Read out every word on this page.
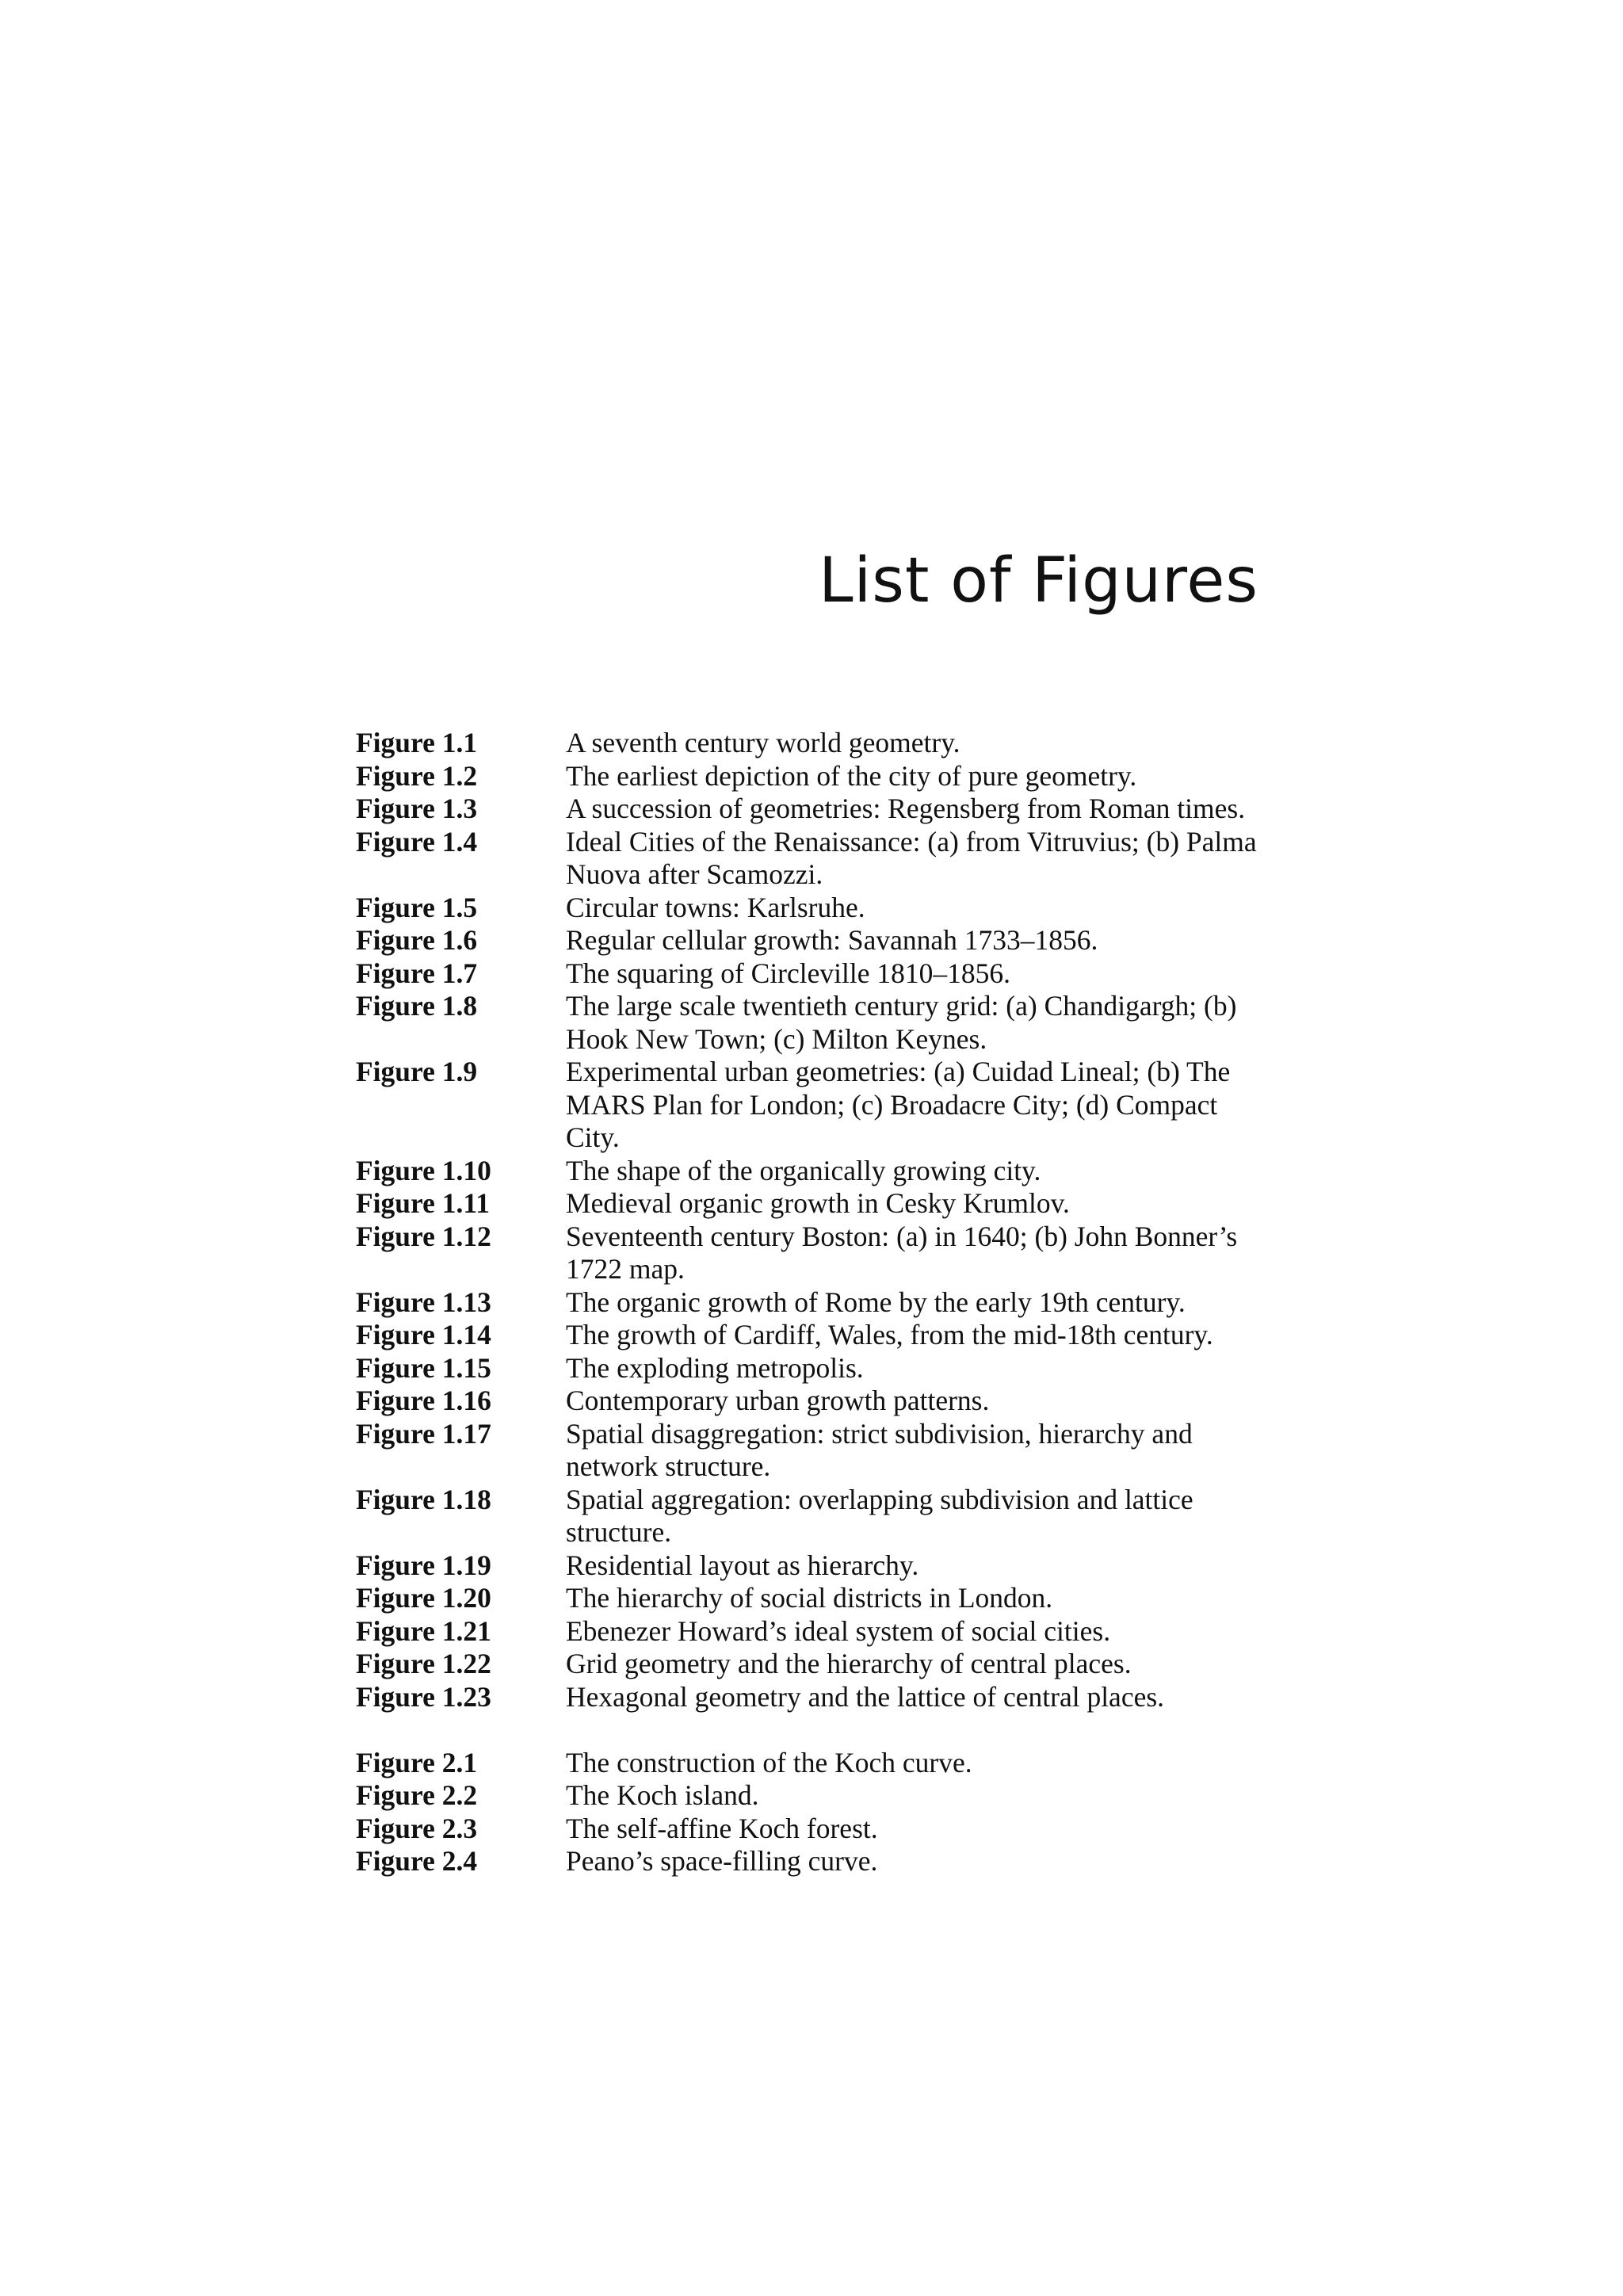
List of Figures
Figure 1.1	A seventh century world geometry.
Figure 1.2	The earliest depiction of the city of pure geometry.
Figure 1.3	A succession of geometries: Regensberg from Roman times.
Figure 1.4	Ideal Cities of the Renaissance: (a) from Vitruvius; (b) Palma Nuova after Scamozzi.
Figure 1.5	Circular towns: Karlsruhe.
Figure 1.6	Regular cellular growth: Savannah 1733–1856.
Figure 1.7	The squaring of Circleville 1810–1856.
Figure 1.8	The large scale twentieth century grid: (a) Chandigargh; (b) Hook New Town; (c) Milton Keynes.
Figure 1.9	Experimental urban geometries: (a) Cuidad Lineal; (b) The MARS Plan for London; (c) Broadacre City; (d) Compact City.
Figure 1.10	The shape of the organically growing city.
Figure 1.11	Medieval organic growth in Cesky Krumlov.
Figure 1.12	Seventeenth century Boston: (a) in 1640; (b) John Bonner’s 1722 map.
Figure 1.13	The organic growth of Rome by the early 19th century.
Figure 1.14	The growth of Cardiff, Wales, from the mid-18th century.
Figure 1.15	The exploding metropolis.
Figure 1.16	Contemporary urban growth patterns.
Figure 1.17	Spatial disaggregation: strict subdivision, hierarchy and network structure.
Figure 1.18	Spatial aggregation: overlapping subdivision and lattice structure.
Figure 1.19	Residential layout as hierarchy.
Figure 1.20	The hierarchy of social districts in London.
Figure 1.21	Ebenezer Howard’s ideal system of social cities.
Figure 1.22	Grid geometry and the hierarchy of central places.
Figure 1.23	Hexagonal geometry and the lattice of central places.
Figure 2.1	The construction of the Koch curve.
Figure 2.2	The Koch island.
Figure 2.3	The self-affine Koch forest.
Figure 2.4	Peano’s space-filling curve.
